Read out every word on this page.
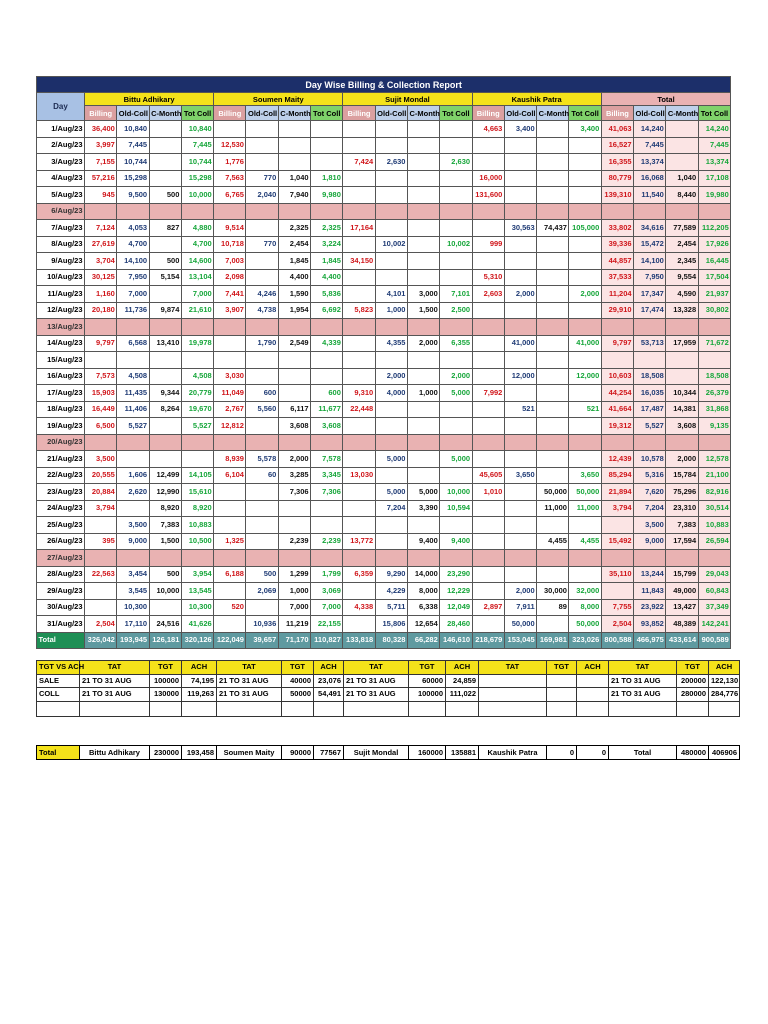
Day Wise Billing & Collection Report																				
Day	Bittu Adhikary				Soumen Maity				Sujit Mondal				Kaushik Patra				Total			
	Billing	Old-Coll	C-Month	Tot Coll	Billing	Old-Coll	C-Month	Tot Coll	Billing	Old-Coll	C-Month	Tot Coll	Billing	Old-Coll	C-Month	Tot Coll	Billing	Old-Coll	C-Month	Tot Coll
1/Aug/23	36,400	10,840		10,840									4,663	3,400		3,400	41,063	14,240		14,240
2/Aug/23	3,997	7,445		7,445	12,530												16,527	7,445		7,445
3/Aug/23	7,155	10,744		10,744	1,776				7,424	2,630		2,630					16,355	13,374		13,374
4/Aug/23	57,216	15,298		15,298	7,563	770	1,040	1,810					16,000				80,779	16,068	1,040	17,108
5/Aug/23	945	9,500	500	10,000	6,765	2,040	7,940	9,980					131,600				139,310	11,540	8,440	19,980
6/Aug/23																				
7/Aug/23	7,124	4,053	827	4,880	9,514		2,325	2,325	17,164					30,563	74,437	105,000	33,802	34,616	77,589	112,205
8/Aug/23	27,619	4,700		4,700	10,718	770	2,454	3,224		10,002		10,002	999				39,336	15,472	2,454	17,926
9/Aug/23	3,704	14,100	500	14,600	7,003		1,845	1,845	34,150								44,857	14,100	2,345	16,445
10/Aug/23	30,125	7,950	5,154	13,104	2,098		4,400	4,400					5,310				37,533	7,950	9,554	17,504
11/Aug/23	1,160	7,000		7,000	7,441	4,246	1,590	5,836		4,101	3,000	7,101	2,603	2,000		2,000	11,204	17,347	4,590	21,937
12/Aug/23	20,180	11,736	9,874	21,610	3,907	4,738	1,954	6,692	5,823	1,000	1,500	2,500					29,910	17,474	13,328	30,802
13/Aug/23																				
14/Aug/23	9,797	6,568	13,410	19,978		1,790	2,549	4,339		4,355	2,000	6,355		41,000		41,000	9,797	53,713	17,959	71,672
15/Aug/23																				
16/Aug/23	7,573	4,508		4,508	3,030					2,000		2,000		12,000		12,000	10,603	18,508		18,508
17/Aug/23	15,903	11,435	9,344	20,779	11,049	600		600	9,310	4,000	1,000	5,000	7,992				44,254	16,035	10,344	26,379
18/Aug/23	16,449	11,406	8,264	19,670	2,767	5,560	6,117	11,677	22,448					521		521	41,664	17,487	14,381	31,868
19/Aug/23	6,500	5,527		5,527	12,812		3,608	3,608									19,312	5,527	3,608	9,135
20/Aug/23																				
21/Aug/23	3,500				8,939	5,578	2,000	7,578		5,000		5,000					12,439	10,578	2,000	12,578
22/Aug/23	20,555	1,606	12,499	14,105	6,104	60	3,285	3,345	13,030				45,605	3,650		3,650	85,294	5,316	15,784	21,100
23/Aug/23	20,884	2,620	12,990	15,610			7,306	7,306		5,000	5,000	10,000	1,010		50,000	50,000	21,894	7,620	75,296	82,916
24/Aug/23	3,794		8,920	8,920						7,204	3,390	10,594			11,000	11,000	3,794	7,204	23,310	30,514
25/Aug/23		3,500	7,383	10,883														3,500	7,383	10,883
26/Aug/23	395	9,000	1,500	10,500	1,325		2,239	2,239	13,772		9,400	9,400			4,455	4,455	15,492	9,000	17,594	26,594
27/Aug/23																				
28/Aug/23	22,563	3,454	500	3,954	6,188	500	1,299	1,799	6,359	9,290	14,000	23,290					35,110	13,244	15,799	29,043
29/Aug/23		3,545	10,000	13,545		2,069	1,000	3,069		4,229	8,000	12,229		2,000	30,000	32,000		11,843	49,000	60,843
30/Aug/23		10,300		10,300	520		7,000	7,000	4,338	5,711	6,338	12,049	2,897	7,911	89	8,000	7,755	23,922	13,427	37,349
31/Aug/23	2,504	17,110	24,516	41,626		10,936	11,219	22,155		15,806	12,654	28,460		50,000		50,000	2,504	93,852	48,389	142,241
Total	326,042	193,945	126,181	320,126	122,049	39,657	71,170	110,827	133,818	80,328	66,282	146,610	218,679	153,045	169,981	323,026	800,588	466,975	433,614	900,589
TGT VS ACH	TAT	TGT	ACH	TAT	TGT	ACH	TAT	TGT	ACH	TAT	TGT	ACH	TAT	TGT	ACH
SALE	21 TO 31 AUG	100000	74,195	21 TO 31 AUG	40000	23,076	21 TO 31 AUG	60000	24,859				21 TO 31 AUG	200000	122,130
COLL	21 TO 31 AUG	130000	119,263	21 TO 31 AUG	50000	54,491	21 TO 31 AUG	100000	111,022				21 TO 31 AUG	280000	284,776

Total	Bittu Adhikary	230000	193,458	Soumen Maity	90000	77567	Sujit Mondal	160000	135881	Kaushik Patra	0	0	Total	480000	406906
